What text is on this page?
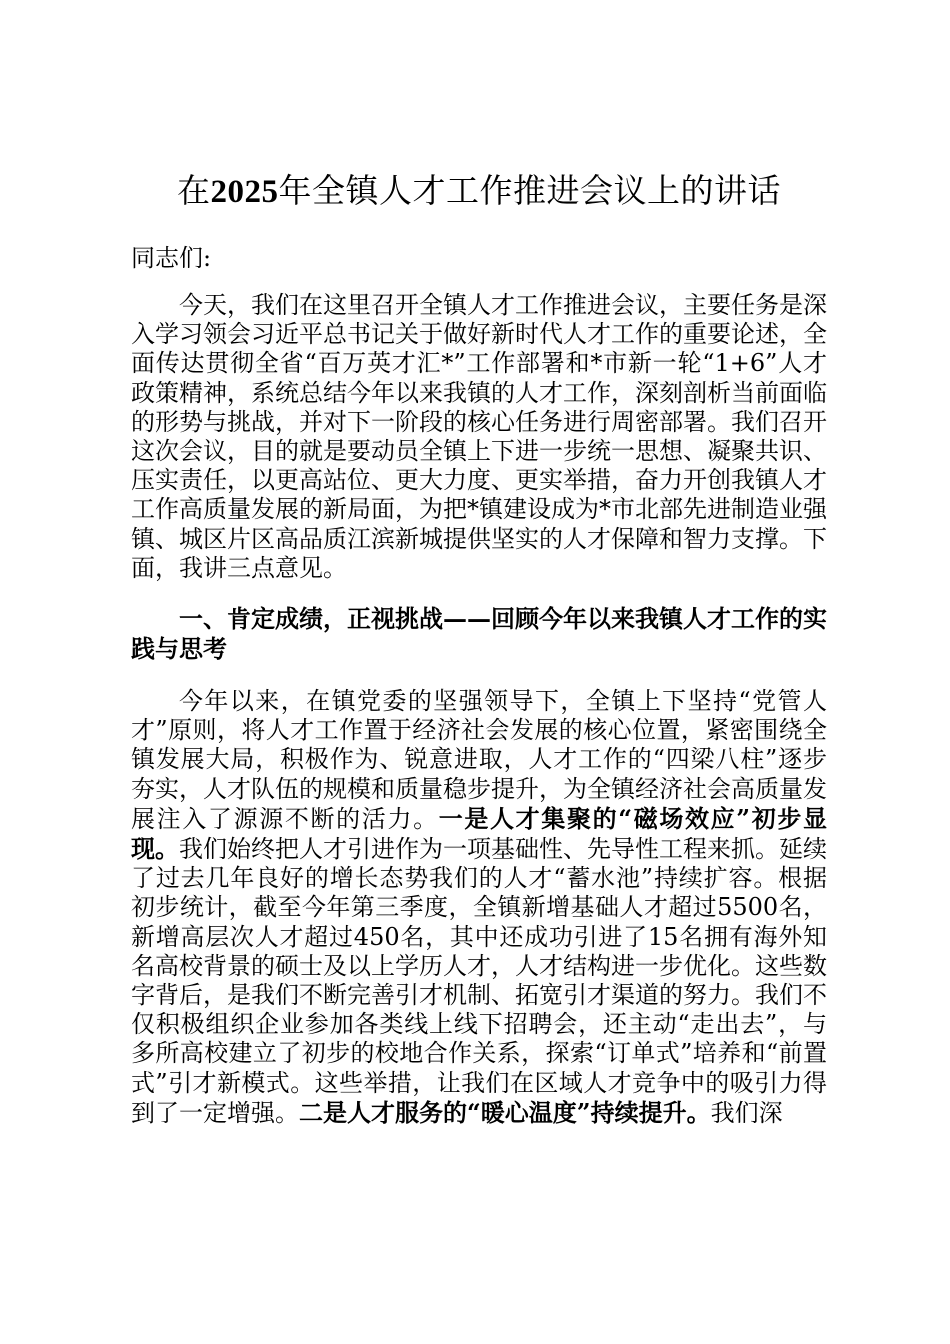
在2025年全镇人才工作推进会议上的讲话

同志们:

今天，我们在这里召开全镇人才工作推进会议，主要任务是深入学习领会习近平总书记关于做好新时代人才工作的重要论述，全面传达贯彻全省“百万英才汇*”工作部署和*市新一轮“1+6”人才政策精神，系统总结今年以来我镇的人才工作，深刻剖析当前面临的形势与挑战，并对下一阶段的核心任务进行周密部署。我们召开这次会议，目的就是要动员全镇上下进一步统一思想、凝聚共识、压实责任，以更高站位、更大力度、更实举措，奋力开创我镇人才工作高质量发展的新局面，为把*镇建设成为*市北部先进制造业强镇、城区片区高品质江滨新城提供坚实的人才保障和智力支撑。下面，我讲三点意见。

一、肯定成绩，正视挑战——回顾今年以来我镇人才工作的实践与思考

今年以来，在镇党委的坚强领导下，全镇上下坚持“党管人才”原则，将人才工作置于经济社会发展的核心位置，紧密围绕全镇发展大局，积极作为、锐意进取，人才工作的“四梁八柱”逐步夯实，人才队伍的规模和质量稳步提升，为全镇经济社会高质量发展注入了源源不断的活力。一是人才集聚的“磁场效应”初步显现。我们始终把人才引进作为一项基础性、先导性工程来抓。延续了过去几年良好的增长态势我们的人才“蓄水池”持续扩容。根据初步统计，截至今年第三季度，全镇新增基础人才超过5500名，新增高层次人才超过450名，其中还成功引进了15名拥有海外知名高校背景的硕士及以上学历人才，人才结构进一步优化。这些数字背后，是我们不断完善引才机制、拓宽引才渠道的努力。我们不仅积极组织企业参加各类线上线下招聘会，还主动“走出去”，与多所高校建立了初步的校地合作关系，探索“订单式”培养和“前置式”引才新模式。这些举措，让我们在区域人才竞争中的吸引力得到了一定增强。二是人才服务的“暖心温度”持续提升。我们深
